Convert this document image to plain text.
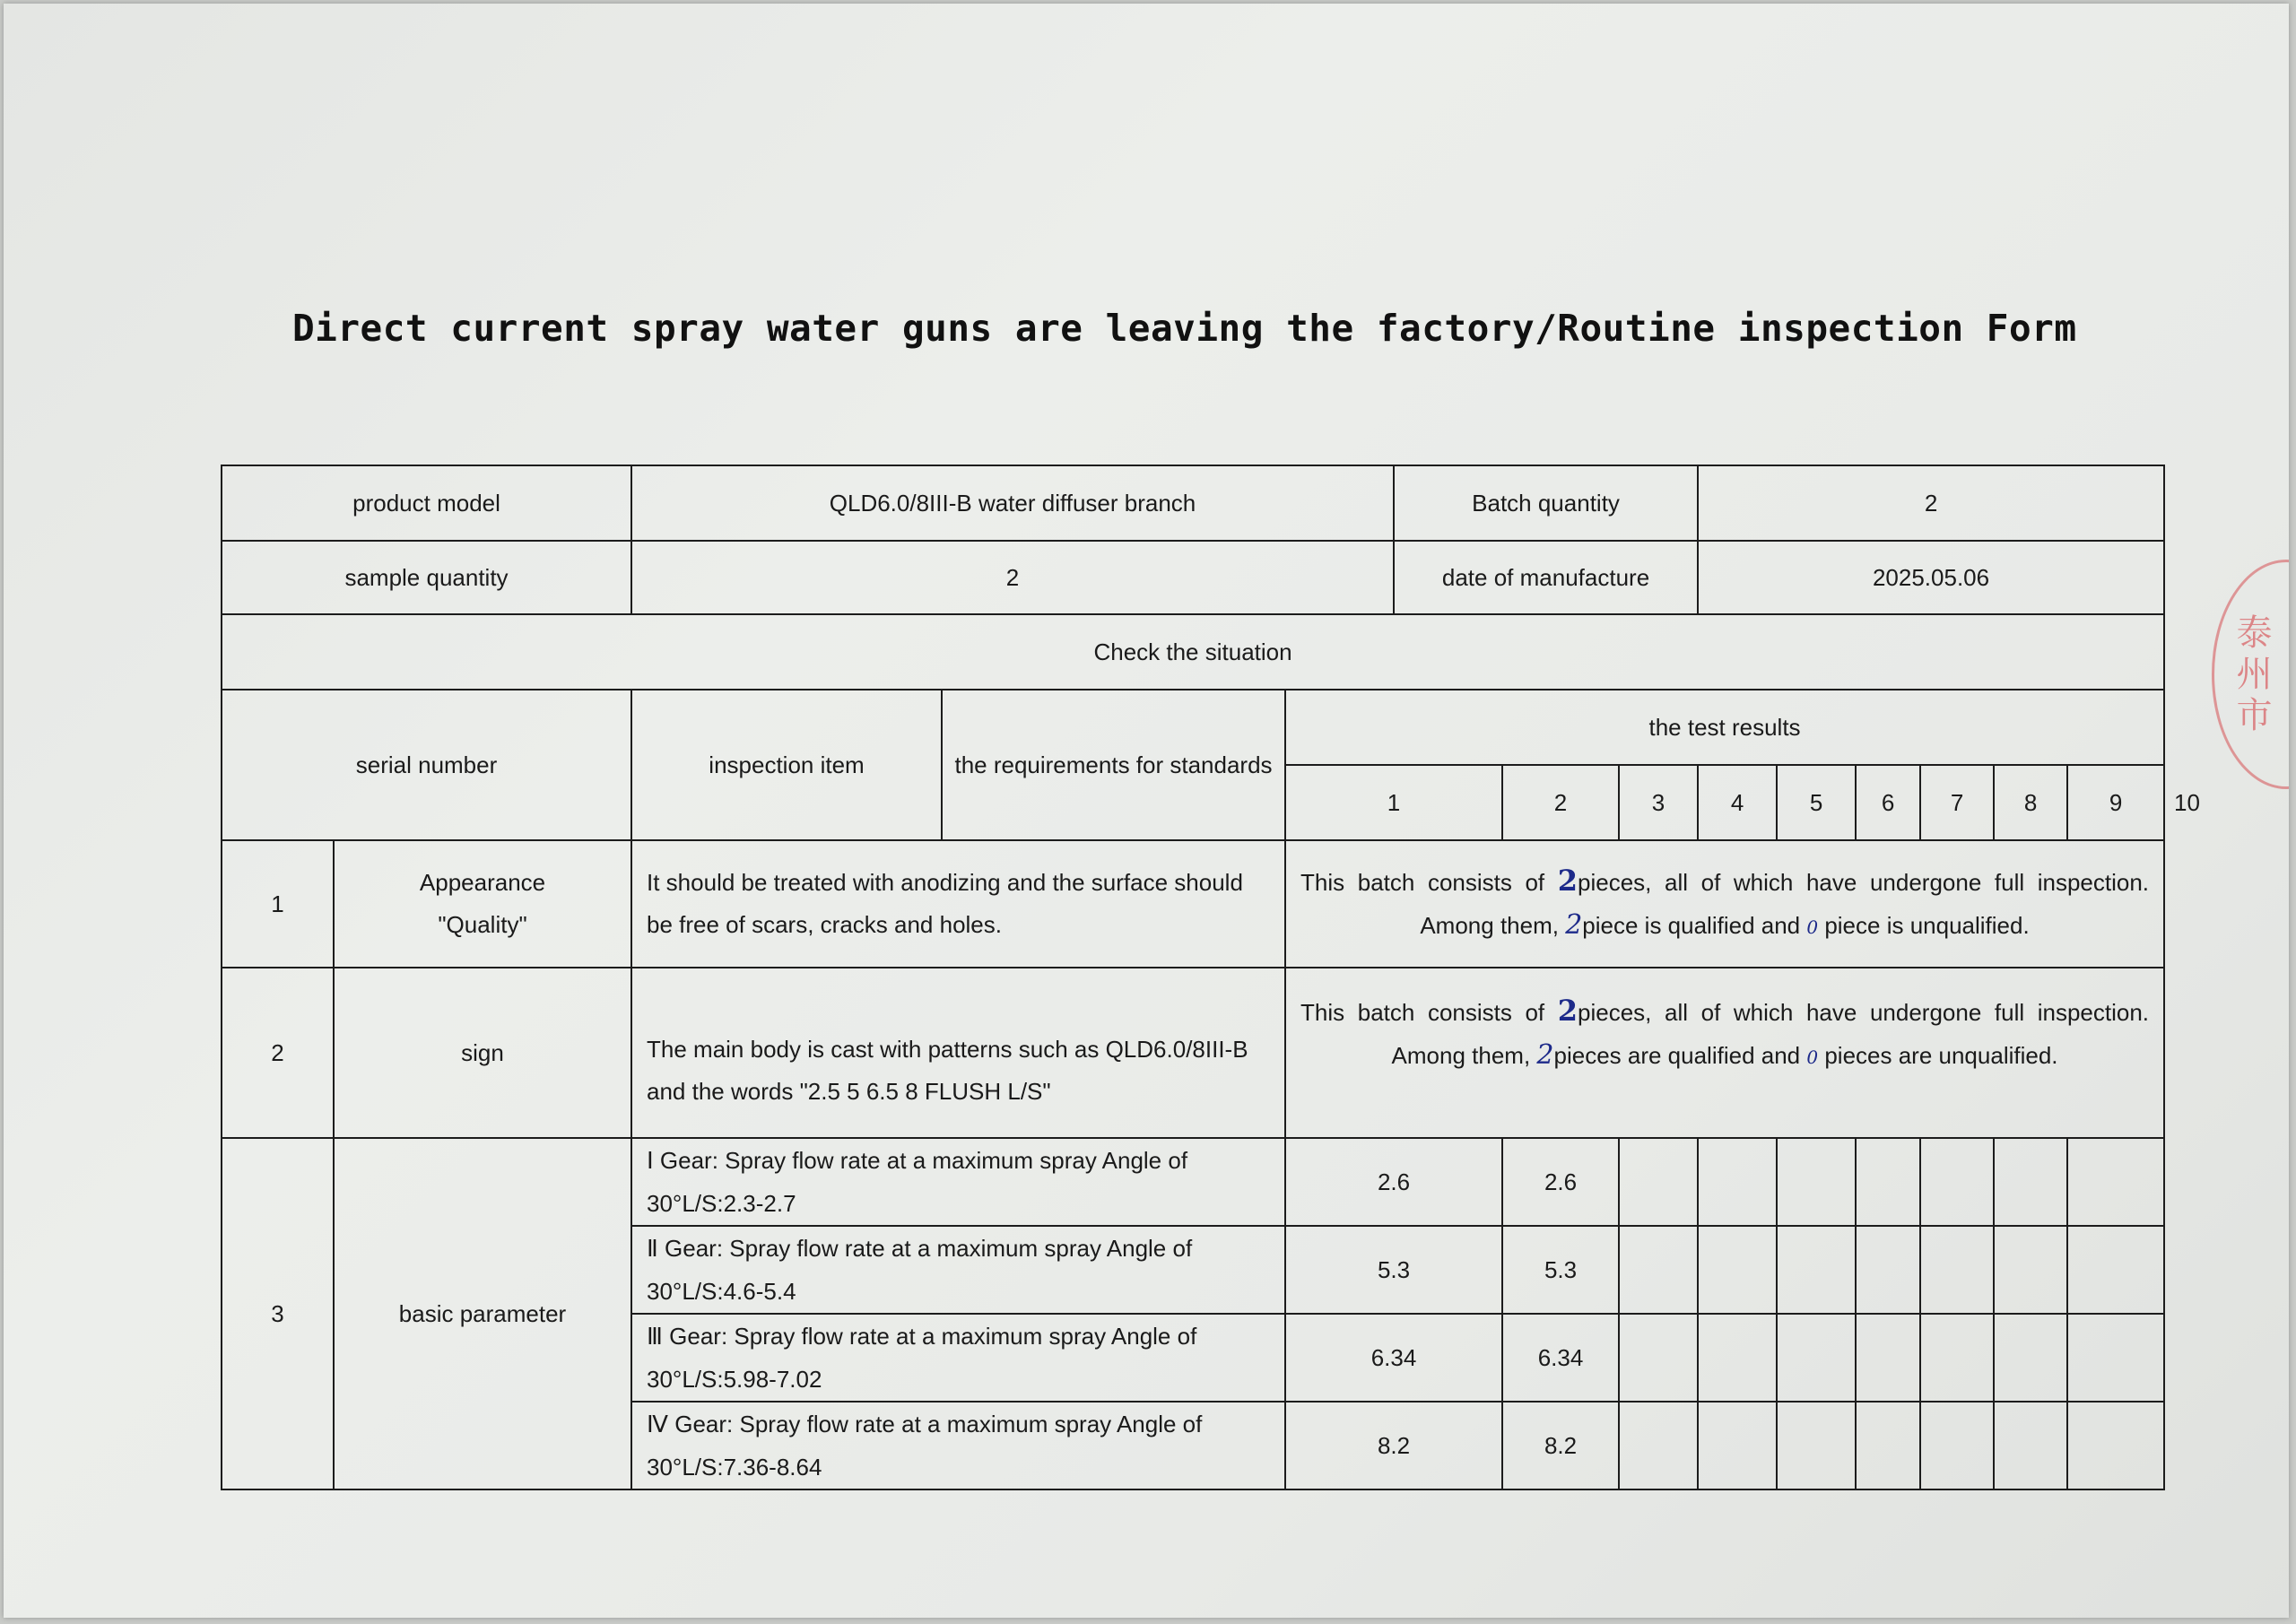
Direct current spray water guns are leaving the factory/Routine inspection Form
product model		QLD6.0/8III-B water diffuser branch			Batch quantity			2						
sample quantity		2			date of manufacture			2025.05.06						
Check the situation														
serial number		inspection item	the requirements for standards	the test results										
				1		2	3	4	5	6	7	8	9	10
1	Appearance "Quality"	It should be treated with anodizing and the surface should be free of scars, cracks and holes.		This batch consists of 2pieces, all of which have undergone full inspection. Among them, 2piece is qualified and 0 piece is unqualified.										
2	sign	The main body is cast with patterns such as QLD6.0/8III-B and the words "2.5 5 6.5 8 FLUSH L/S"		This batch consists of 2pieces, all of which have undergone full inspection. Among them, 2pieces are qualified and 0 pieces are unqualified.										
3	basic parameter	Ⅰ Gear: Spray flow rate at a maximum spray Angle of
30°L/S:2.3-2.7		2.6		2.6								

		Ⅱ Gear: Spray flow rate at a maximum spray Angle of
30°L/S:4.6-5.4		5.3		5.3								

		Ⅲ Gear: Spray flow rate at a maximum spray Angle of
30°L/S:5.98-7.02		6.34		6.34								

		Ⅳ Gear: Spray flow rate at a maximum spray Angle of
30°L/S:7.36-8.64		8.2		8.2								
泰州市
